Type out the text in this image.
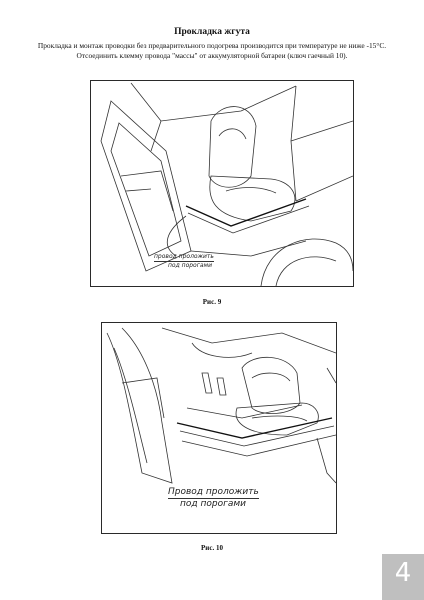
Прокладка жгута
Прокладка и монтаж проводки без предварительного подогрева производится при температуре не ниже -15°С.
Отсоединить клемму провода "массы" от аккумуляторной батареи (ключ гаечный 10).
провод проложить
под порогами
Рис. 9
Провод проложить
под порогами
Рис. 10
4
